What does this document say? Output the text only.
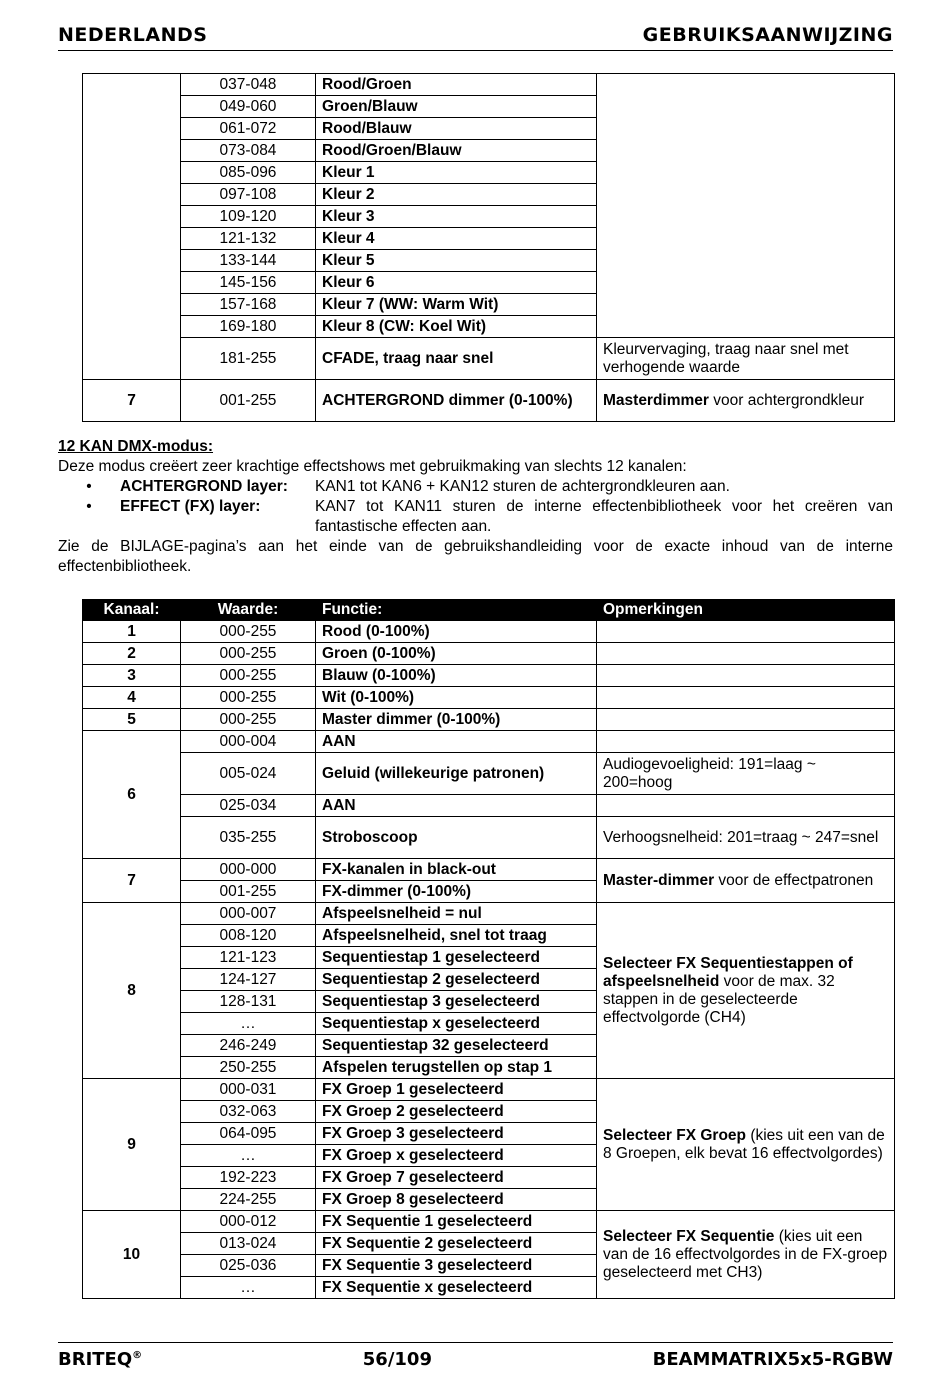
NEDERLANDS	GEBRUIKSAANWIJZING
	037-048	Rood/Groen	
	049-060	Groen/Blauw	
	061-072	Rood/Blauw	
	073-084	Rood/Groen/Blauw	
	085-096	Kleur 1	
	097-108	Kleur 2	
	109-120	Kleur 3	
	121-132	Kleur 4	
	133-144	Kleur 5	
	145-156	Kleur 6	
	157-168	Kleur 7 (WW: Warm Wit)	
	169-180	Kleur 8 (CW: Koel Wit)	
	181-255	CFADE, traag naar snel	Kleurvervaging, traag naar snel met verhogende waarde
7	001-255	ACHTERGROND dimmer (0-100%)	Masterdimmer voor achtergrondkleur
12 KAN DMX-modus:
Deze modus creëert zeer krachtige effectshows met gebruikmaking van slechts 12 kanalen:
•	ACHTERGROND layer:	KAN1 tot KAN6 + KAN12 sturen de achtergrondkleuren aan.
•	EFFECT (FX) layer:	KAN7 tot KAN11 sturen de interne effectenbibliotheek voor het creëren van fantastische effecten aan.
Zie de BIJLAGE-pagina’s aan het einde van de gebruikshandleiding voor de exacte inhoud van de interne effectenbibliotheek.
Kanaal:	Waarde:	Functie:	Opmerkingen
1	000-255	Rood (0-100%)	
2	000-255	Groen (0-100%)	
3	000-255	Blauw (0-100%)	
4	000-255	Wit (0-100%)	
5	000-255	Master dimmer (0-100%)	
6	000-004	AAN	
	005-024	Geluid (willekeurige patronen)	Audiogevoeligheid: 191=laag ~ 200=hoog
	025-034	AAN	
	035-255	Stroboscoop	Verhoogsnelheid: 201=traag ~ 247=snel
7	000-000	FX-kanalen in black-out	Master-dimmer voor de effectpatronen
	001-255	FX-dimmer (0-100%)	
8	000-007	Afspeelsnelheid = nul	Selecteer FX Sequentiestappen of afspeelsnelheid voor de max. 32 stappen in de geselecteerde effectvolgorde (CH4)
	008-120	Afspeelsnelheid, snel tot traag	
	121-123	Sequentiestap 1 geselecteerd	
	124-127	Sequentiestap 2 geselecteerd	
	128-131	Sequentiestap 3 geselecteerd	
	…	Sequentiestap x geselecteerd	
	246-249	Sequentiestap 32 geselecteerd	
	250-255	Afspelen terugstellen op stap 1	
9	000-031	FX Groep 1 geselecteerd	Selecteer FX Groep (kies uit een van de 8 Groepen, elk bevat 16 effectvolgordes)
	032-063	FX Groep 2 geselecteerd	
	064-095	FX Groep 3 geselecteerd	
	…	FX Groep x geselecteerd	
	192-223	FX Groep 7 geselecteerd	
	224-255	FX Groep 8 geselecteerd	
10	000-012	FX Sequentie 1 geselecteerd	Selecteer FX Sequentie (kies uit een van de 16 effectvolgordes in de FX-groep geselecteerd met CH3)
	013-024	FX Sequentie 2 geselecteerd	
	025-036	FX Sequentie 3 geselecteerd	
	…	FX Sequentie x geselecteerd	
BRITEQ®	56/109	BEAMMATRIX5x5-RGBW
